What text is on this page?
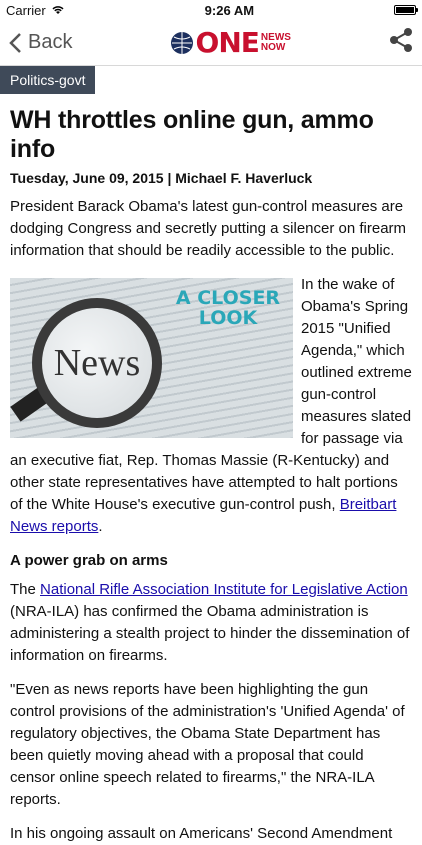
Carrier	9:26 AM
Back	ONE NEWS
NOW
Politics-govt
WH throttles online gun, ammo info
Tuesday, June 09, 2015 | Michael F. Haverluck

President Barack Obama's latest gun-control measures are dodging Congress and secretly putting a silencer on firearm information that should be readily accessible to the public.

A CLOSER LOOK
News

In the wake of Obama's Spring 2015 "Unified Agenda," which outlined extreme gun-control measures slated for passage via an executive fiat, Rep. Thomas Massie (R-Kentucky) and other state representatives have attempted to halt portions of the White House's executive gun-control push, Breitbart News reports.

A power grab on arms

The National Rifle Association Institute for Legislative Action (NRA-ILA) has confirmed the Obama administration is administering a stealth project to hinder the dissemination of information on firearms.

"Even as news reports have been highlighting the gun control provisions of the administration's 'Unified Agenda' of regulatory objectives, the Obama State Department has been quietly moving ahead with a proposal that could censor online speech related to firearms," the NRA-ILA reports.

In his ongoing assault on Americans' Second Amendment
